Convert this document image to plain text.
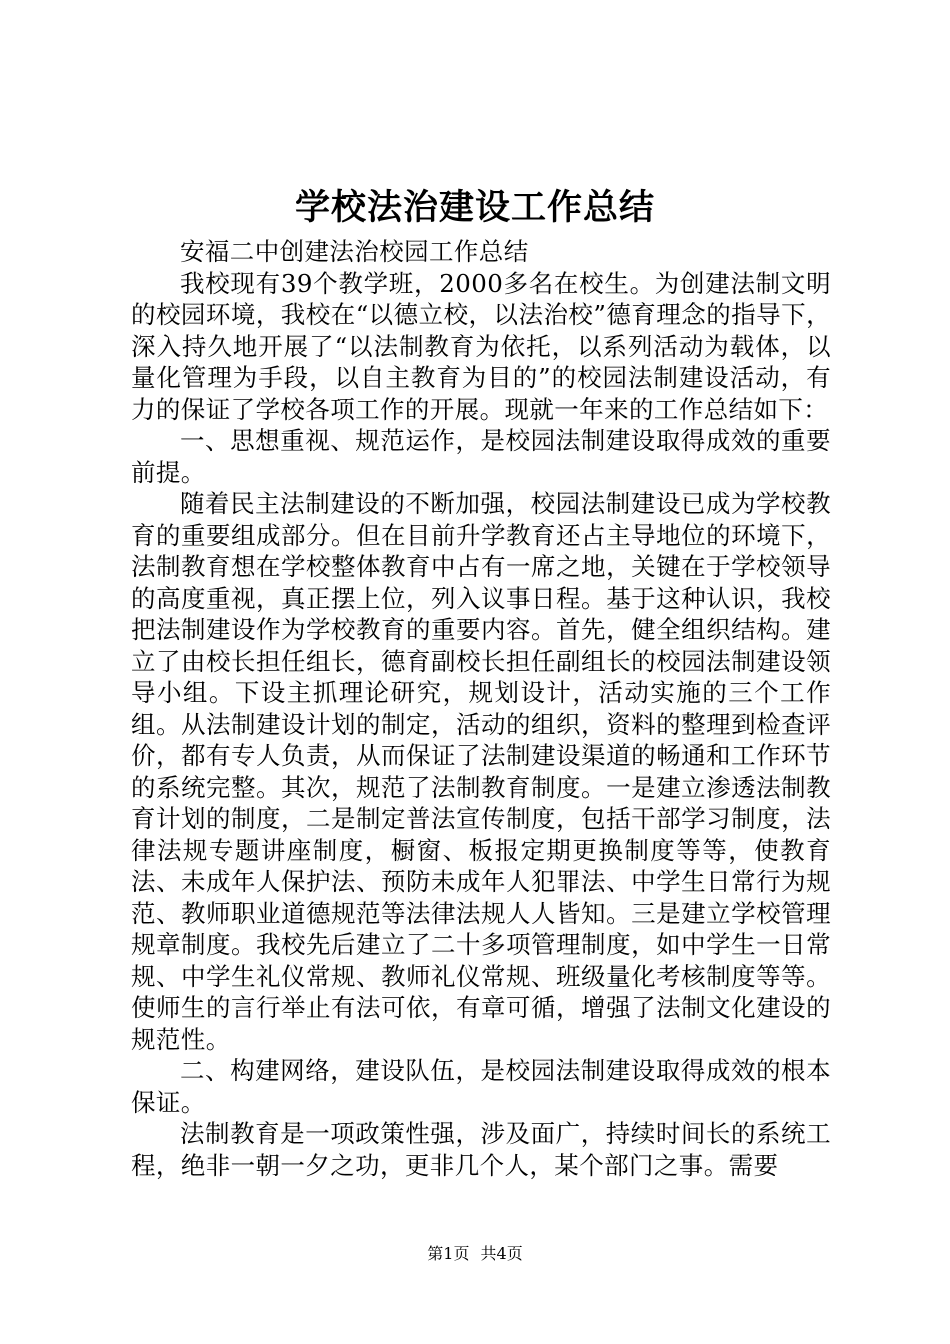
学校法治建设工作总结

安福二中创建法治校园工作总结

我校现有39个教学班，2000多名在校生。为创建法制文明的校园环境，我校在“以德立校，以法治校”德育理念的指导下，深入持久地开展了“以法制教育为依托，以系列活动为载体，以量化管理为手段，以自主教育为目的”的校园法制建设活动，有力的保证了学校各项工作的开展。现就一年来的工作总结如下：

一、思想重视、规范运作，是校园法制建设取得成效的重要前提。

随着民主法制建设的不断加强，校园法制建设已成为学校教育的重要组成部分。但在目前升学教育还占主导地位的环境下，法制教育想在学校整体教育中占有一席之地，关键在于学校领导的高度重视，真正摆上位，列入议事日程。基于这种认识，我校把法制建设作为学校教育的重要内容。首先，健全组织结构。建立了由校长担任组长，德育副校长担任副组长的校园法制建设领导小组。下设主抓理论研究，规划设计，活动实施的三个工作组。从法制建设计划的制定，活动的组织，资料的整理到检查评价，都有专人负责，从而保证了法制建设渠道的畅通和工作环节的系统完整。其次，规范了法制教育制度。一是建立渗透法制教育计划的制度，二是制定普法宣传制度，包括干部学习制度，法律法规专题讲座制度，橱窗、板报定期更换制度等等，使教育法、未成年人保护法、预防未成年人犯罪法、中学生日常行为规范、教师职业道德规范等法律法规人人皆知。三是建立学校管理规章制度。我校先后建立了二十多项管理制度，如中学生一日常规、中学生礼仪常规、教师礼仪常规、班级量化考核制度等等。使师生的言行举止有法可依，有章可循，增强了法制文化建设的规范性。

二、构建网络，建设队伍，是校园法制建设取得成效的根本保证。

法制教育是一项政策性强，涉及面广，持续时间长的系统工程，绝非一朝一夕之功，更非几个人，某个部门之事。需要

第1页 共4页
